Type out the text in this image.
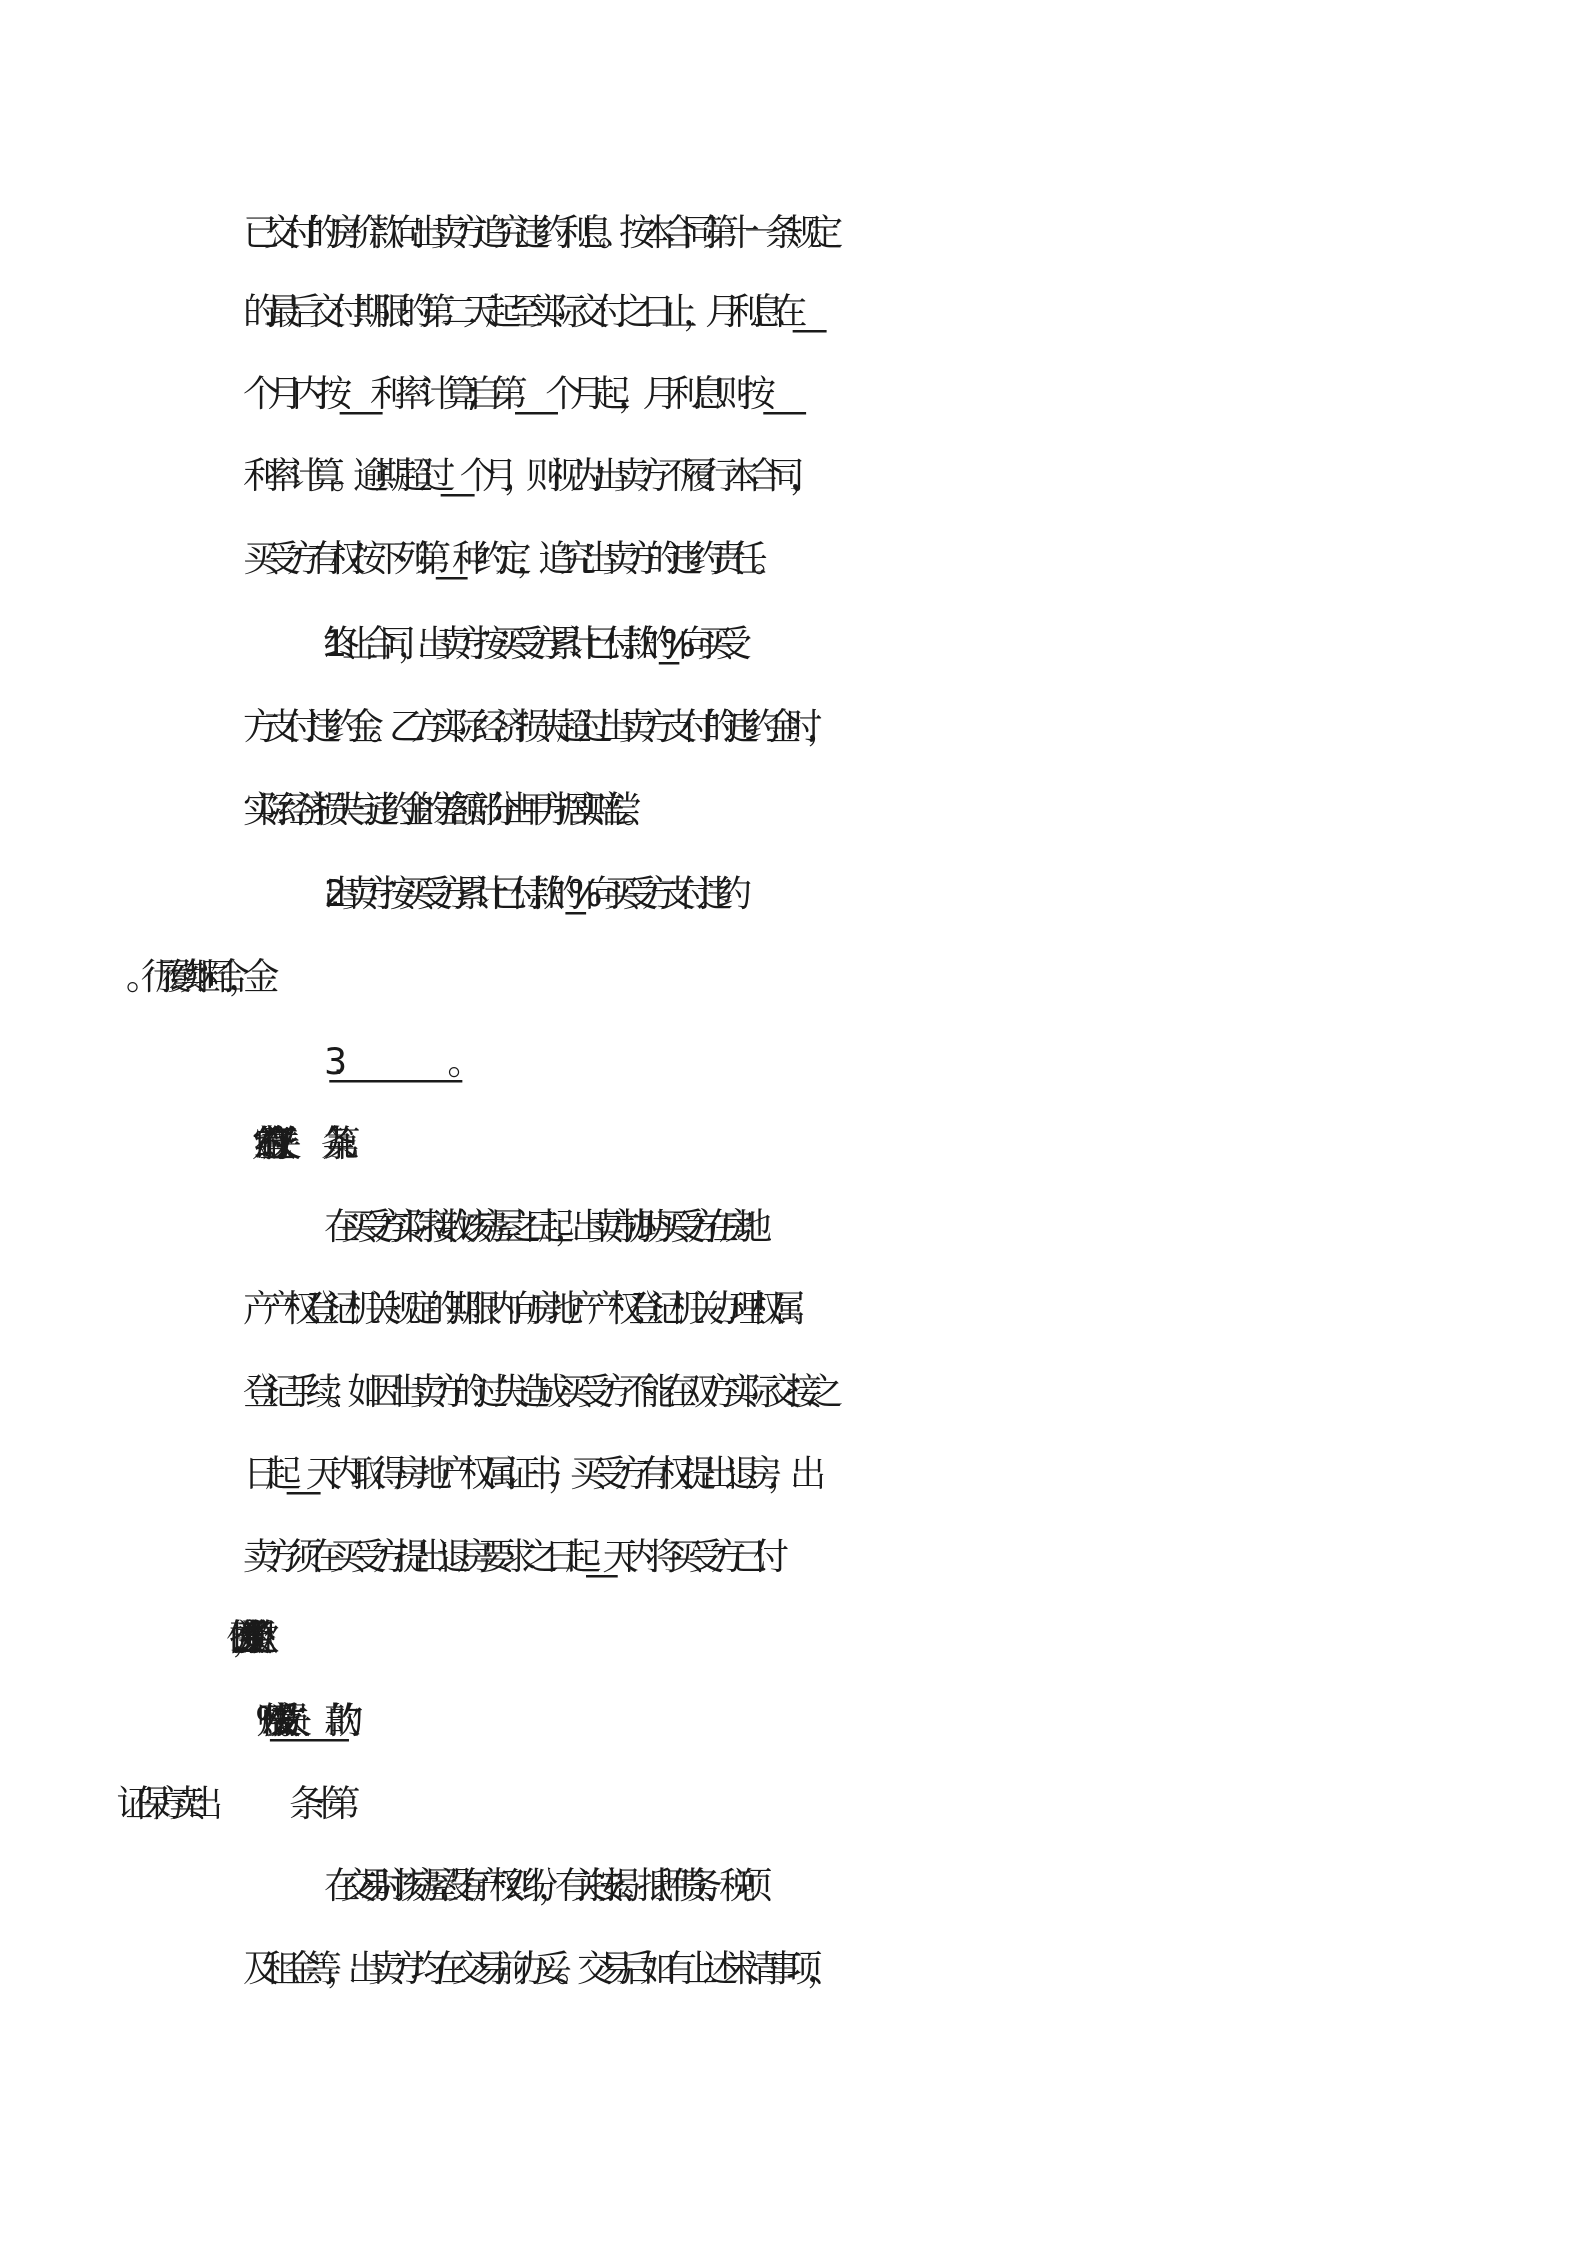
已交付的房价款向出卖方追究违约利息。按本合同第十一条规定
的最后交付期限的第二天起至实际交付之日止，月利息在_____
个月内按_____利率计算;自第_____个月起，月利息则按_____
利率计算。逾期超过_____个月，则视为出卖方不履行本合同，
买受方有权按下列第_____种约定，追究出卖方的违约责任。
1.终止合同，出卖方按买受方累计已付款的_____%向买受
方支付违约金。乙方实际经济损失超过出卖方支付的违约金时，
实际经济损失与违约金的差额部分由甲方据实赔偿。
2.出卖方按买受方累计已付款的_____%向买受方支付违约
3.________________________________。
在买受方实际接收该房屋之日起，出卖方协助买受方在房地
产产权登记机关规定的期限内向房地产产权登记机关办理权属
登记手续。如因出卖方的过失造成买受方不能在双方实际交接之
日起_____天内取得房地产权属证书，买受方有权提出退房，出
卖方须在买受方提出退房要求之日起_____天内将买受方已付
在交易时该房屋没有产权纠纷，有关按揭、抵押债务、税项
及租金等，出卖方均在交易前办妥。交易后如有上述未清事项，
